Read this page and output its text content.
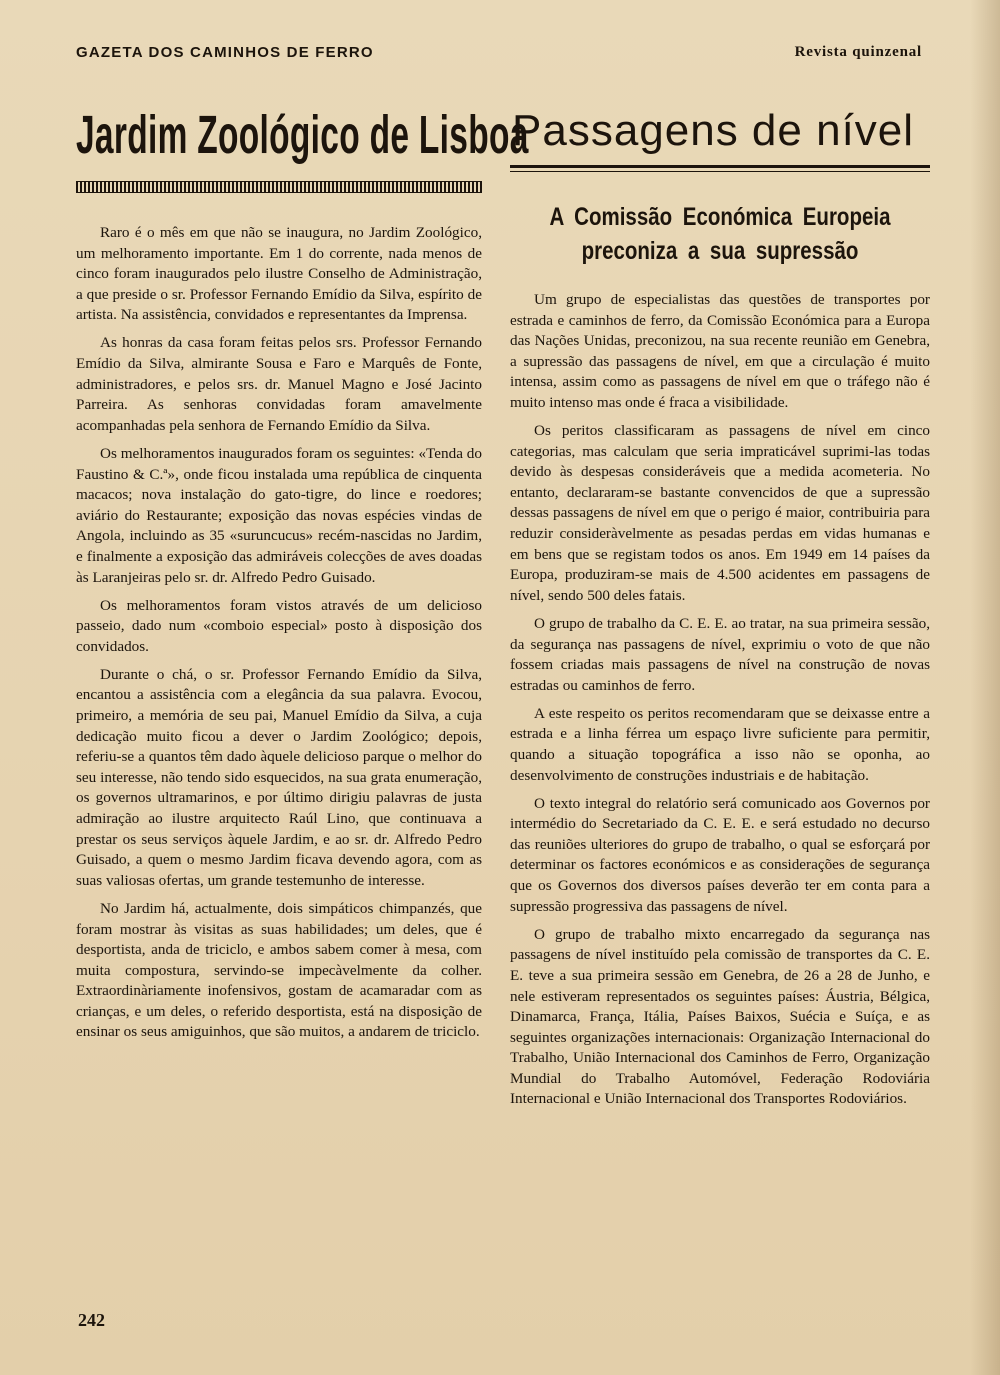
GAZETA DOS CAMINHOS DE FERRO	Revista quinzenal
Jardim Zoológico de Lisboa

Raro é o mês em que não se inaugura, no Jardim Zoológico, um melhoramento importante. Em 1 do corrente, nada menos de cinco foram inaugurados pelo ilustre Conselho de Administração, a que preside o sr. Professor Fernando Emídio da Silva, espírito de artista. Na assistência, convidados e representantes da Imprensa.

As honras da casa foram feitas pelos srs. Professor Fernando Emídio da Silva, almirante Sousa e Faro e Marquês de Fonte, administradores, e pelos srs. dr. Manuel Magno e José Jacinto Parreira. As senhoras convidadas foram amavelmente acompanhadas pela senhora de Fernando Emídio da Silva.

Os melhoramentos inaugurados foram os seguintes: «Tenda do Faustino & C.ª», onde ficou instalada uma república de cinquenta macacos; nova instalação do gato-tigre, do lince e roedores; aviário do Restaurante; exposição das novas espécies vindas de Angola, incluindo as 35 «suruncucus» recém-nascidas no Jardim, e finalmente a exposição das admiráveis colecções de aves doadas às Laranjeiras pelo sr. dr. Alfredo Pedro Guisado.

Os melhoramentos foram vistos através de um delicioso passeio, dado num «comboio especial» posto à disposição dos convidados.

Durante o chá, o sr. Professor Fernando Emídio da Silva, encantou a assistência com a elegância da sua palavra. Evocou, primeiro, a memória de seu pai, Manuel Emídio da Silva, a cuja dedicação muito ficou a dever o Jardim Zoológico; depois, referiu-se a quantos têm dado àquele delicioso parque o melhor do seu interesse, não tendo sido esquecidos, na sua grata enumeração, os governos ultramarinos, e por último dirigiu palavras de justa admiração ao ilustre arquitecto Raúl Lino, que continuava a prestar os seus serviços àquele Jardim, e ao sr. dr. Alfredo Pedro Guisado, a quem o mesmo Jardim ficava devendo agora, com as suas valiosas ofertas, um grande testemunho de interesse.

No Jardim há, actualmente, dois simpáticos chimpanzés, que foram mostrar às visitas as suas habilidades; um deles, que é desportista, anda de triciclo, e ambos sabem comer à mesa, com muita compostura, servindo-se impecàvelmente da colher. Extraordinàriamente inofensivos, gostam de acamaradar com as crianças, e um deles, o referido desportista, está na disposição de ensinar os seus amiguinhos, que são muitos, a andarem de triciclo.

Passagens de nível
A Comissão Económica Europeia
preconiza a sua supressão

Um grupo de especialistas das questões de transportes por estrada e caminhos de ferro, da Comissão Económica para a Europa das Nações Unidas, preconizou, na sua recente reunião em Genebra, a supressão das passagens de nível, em que a circulação é muito intensa, assim como as passagens de nível em que o tráfego não é muito intenso mas onde é fraca a visibilidade.

Os peritos classificaram as passagens de nível em cinco categorias, mas calculam que seria impraticável suprimi-las todas devido às despesas consideráveis que a medida acometeria. No entanto, declararam-se bastante convencidos de que a supressão dessas passagens de nível em que o perigo é maior, contribuiria para reduzir consideràvelmente as pesadas perdas em vidas humanas e em bens que se registam todos os anos. Em 1949 em 14 países da Europa, produziram-se mais de 4.500 acidentes em passagens de nível, sendo 500 deles fatais.

O grupo de trabalho da C. E. E. ao tratar, na sua primeira sessão, da segurança nas passagens de nível, exprimiu o voto de que não fossem criadas mais passagens de nível na construção de novas estradas ou caminhos de ferro.

A este respeito os peritos recomendaram que se deixasse entre a estrada e a linha férrea um espaço livre suficiente para permitir, quando a situação topográfica a isso não se oponha, ao desenvolvimento de construções industriais e de habitação.

O texto integral do relatório será comunicado aos Governos por intermédio do Secretariado da C. E. E. e será estudado no decurso das reuniões ulteriores do grupo de trabalho, o qual se esforçará por determinar os factores económicos e as considerações de segurança que os Governos dos diversos países deverão ter em conta para a supressão progressiva das passagens de nível.

O grupo de trabalho mixto encarregado da segurança nas passagens de nível instituído pela comissão de transportes da C. E. E. teve a sua primeira sessão em Genebra, de 26 a 28 de Junho, e nele estiveram representados os seguintes países: Áustria, Bélgica, Dinamarca, França, Itália, Países Baixos, Suécia e Suíça, e as seguintes organizações internacionais: Organização Internacional do Trabalho, União Internacional dos Caminhos de Ferro, Organização Mundial do Trabalho Automóvel, Federação Rodoviária Internacional e União Internacional dos Transportes Rodoviários.

242
